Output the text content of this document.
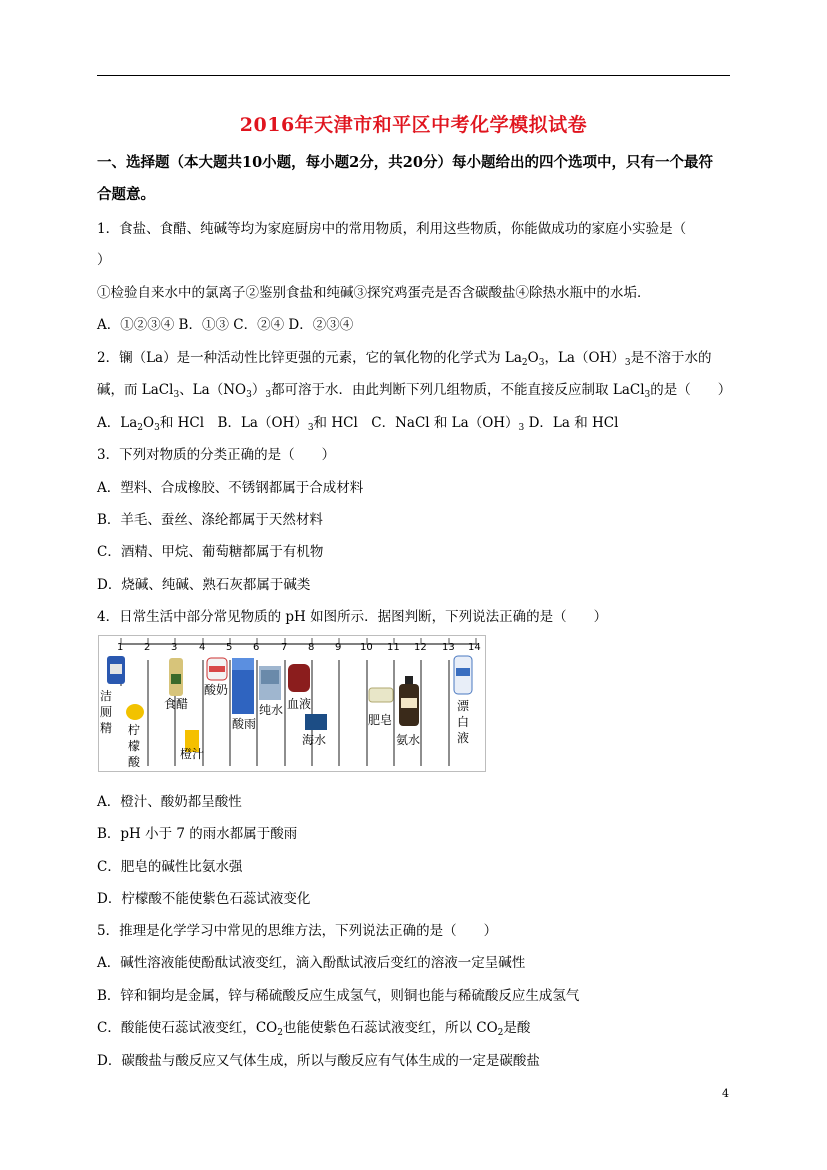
2016年天津市和平区中考化学模拟试卷
一、选择题（本大题共10小题，每小题2分，共20分）每小题给出的四个选项中，只有一个最符
合题意。
1．食盐、食醋、纯碱等均为家庭厨房中的常用物质，利用这些物质，你能做成功的家庭小实验是（
）
①检验自来水中的氯离子②鉴别食盐和纯碱③探究鸡蛋壳是否含碳酸盐④除热水瓶中的水垢．
A．①②③④ B．①③ C．②④ D．②③④
2．镧（La）是一种活动性比锌更强的元素，它的氧化物的化学式为 $La_2O_3$，$La(OH)_3$是不溶于水的
碱，而 LaCl$_3$、$La(NO_3)_3$都可溶于水．由此判断下列几组物质，不能直接反应制取 LaCl$_3$的是（　　）
A．$La_2O_3$和 HCl　B．$La(OH)_3$和 HCl　C．NaCl 和 $La(OH)_3$ D．La 和 HCl
3．下列对物质的分类正确的是（　　）
A．塑料、合成橡胶、不锈钢都属于合成材料
B．羊毛、蚕丝、涤纶都属于天然材料
C．酒精、甲烷、葡萄糖都属于有机物
D．烧碱、纯碱、熟石灰都属于碱类
4．日常生活中部分常见物质的 pH 如图所示．据图判断，下列说法正确的是（　　）
1 2 3 4 5 6 7 8 9 10 11 12 13 14
洁厕精 柠檬酸
食醋
橙汁
酸奶
酸雨
纯水 血液
海水
肥皂
氨水
漂白液
A．橙汁、酸奶都呈酸性
B．pH 小于 7 的雨水都属于酸雨
C．肥皂的碱性比氨水强
D．柠檬酸不能使紫色石蕊试液变化
5．推理是化学学习中常见的思维方法，下列说法正确的是（　　）
A．碱性溶液能使酚酞试液变红，滴入酚酞试液后变红的溶液一定呈碱性
B．锌和铜均是金属，锌与稀硫酸反应生成氢气，则铜也能与稀硫酸反应生成氢气
C．酸能使石蕊试液变红，$CO_2$也能使紫色石蕊试液变红，所以 $CO_2$是酸
D．碳酸盐与酸反应又气体生成，所以与酸反应有气体生成的一定是碳酸盐
4
